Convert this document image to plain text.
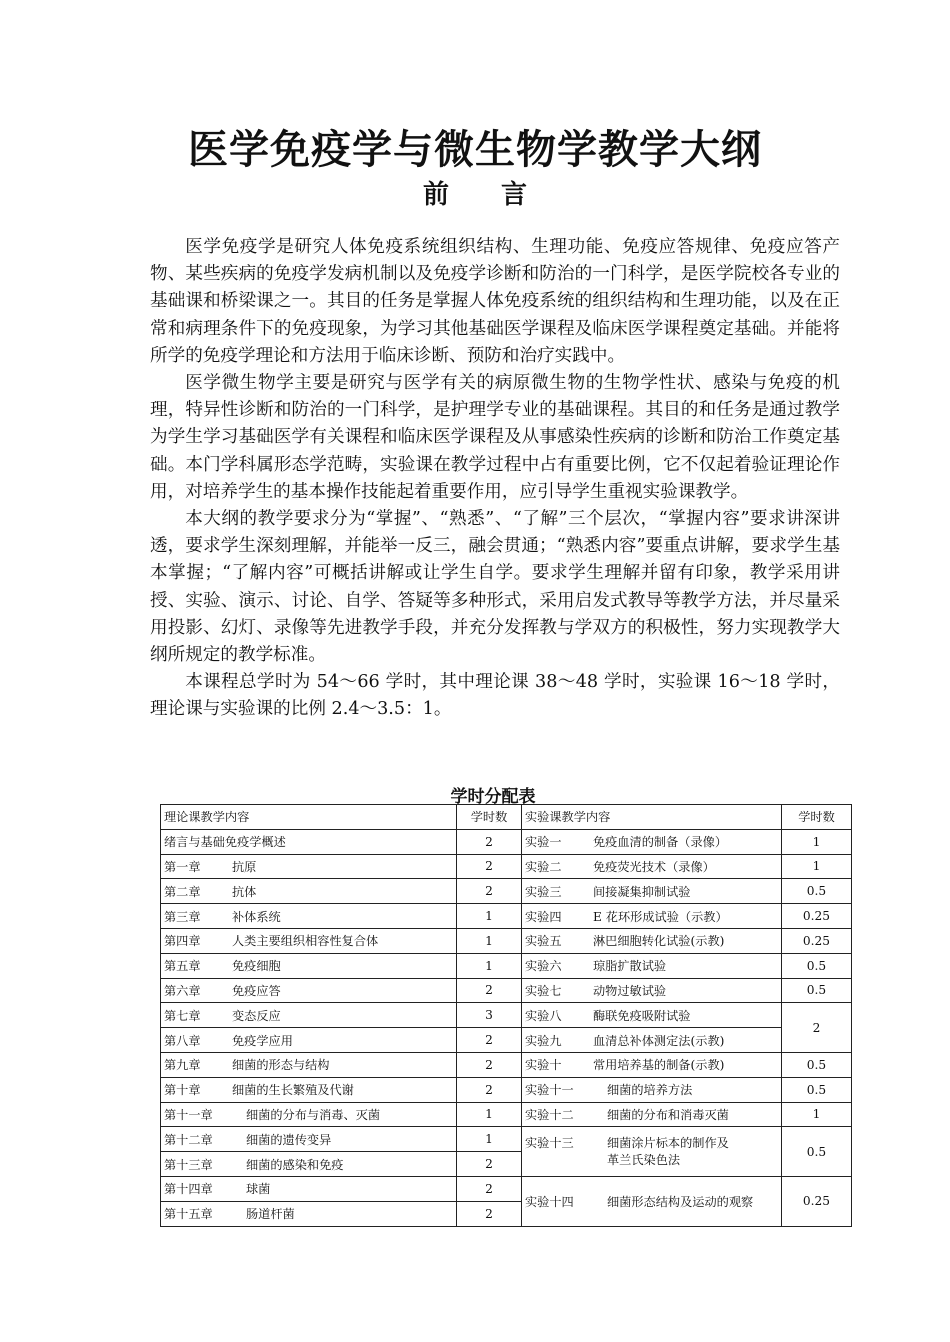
医学免疫学与微生物学教学大纲
前 言

医学免疫学是研究人体免疫系统组织结构、生理功能、免疫应答规律、免疫应答产物、某些疾病的免疫学发病机制以及免疫学诊断和防治的一门科学，是医学院校各专业的基础课和桥梁课之一。其目的任务是掌握人体免疫系统的组织结构和生理功能，以及在正常和病理条件下的免疫现象，为学习其他基础医学课程及临床医学课程奠定基础。并能将所学的免疫学理论和方法用于临床诊断、预防和治疗实践中。

医学微生物学主要是研究与医学有关的病原微生物的生物学性状、感染与免疫的机理，特异性诊断和防治的一门科学，是护理学专业的基础课程。其目的和任务是通过教学为学生学习基础医学有关课程和临床医学课程及从事感染性疾病的诊断和防治工作奠定基础。本门学科属形态学范畴，实验课在教学过程中占有重要比例，它不仅起着验证理论作用，对培养学生的基本操作技能起着重要作用，应引导学生重视实验课教学。

本大纲的教学要求分为“掌握”、“熟悉”、“了解”三个层次，“掌握内容”要求讲深讲透，要求学生深刻理解，并能举一反三，融会贯通；“熟悉内容”要重点讲解，要求学生基本掌握；“了解内容”可概括讲解或让学生自学。要求学生理解并留有印象，教学采用讲授、实验、演示、讨论、自学、答疑等多种形式，采用启发式教导等教学方法，并尽量采用投影、幻灯、录像等先进教学手段，并充分发挥教与学双方的积极性，努力实现教学大纲所规定的教学标准。

本课程总学时为 54～66 学时，其中理论课 38～48 学时，实验课 16～18 学时，理论课与实验课的比例 2.4～3.5：1。

学时分配表
理论课教学内容	学时数	实验课教学内容	学时数
绪言与基础免疫学概述	2	实验一 免疫血清的制备（录像）	1
第一章 抗原	2	实验二 免疫荧光技术（录像）	1
第二章 抗体	2	实验三 间接凝集抑制试验	0.5
第三章 补体系统	1	实验四 E 花环形成试验（示教）	0.25
第四章 人类主要组织相容性复合体	1	实验五 淋巴细胞转化试验(示教)	0.25
第五章 免疫细胞	1	实验六 琼脂扩散试验	0.5
第六章 免疫应答	2	实验七 动物过敏试验	0.5
第七章 变态反应	3	实验八 酶联免疫吸附试验	2
第八章 免疫学应用	2	实验九 血清总补体测定法(示教)	
第九章 细菌的形态与结构	2	实验十 常用培养基的制备(示教)	0.5
第十章 细菌的生长繁殖及代谢	2	实验十一 细菌的培养方法	0.5
第十一章 细菌的分布与消毒、灭菌	1	实验十二 细菌的分布和消毒灭菌	1
第十二章 细菌的遗传变异	1	实验十三 细菌涂片标本的制作及
革兰氏染色法	0.5
第十三章 细菌的感染和免疫	2		
第十四章 球菌	2	实验十四 细菌形态结构及运动的观察	0.25
第十五章 肠道杆菌	2		
